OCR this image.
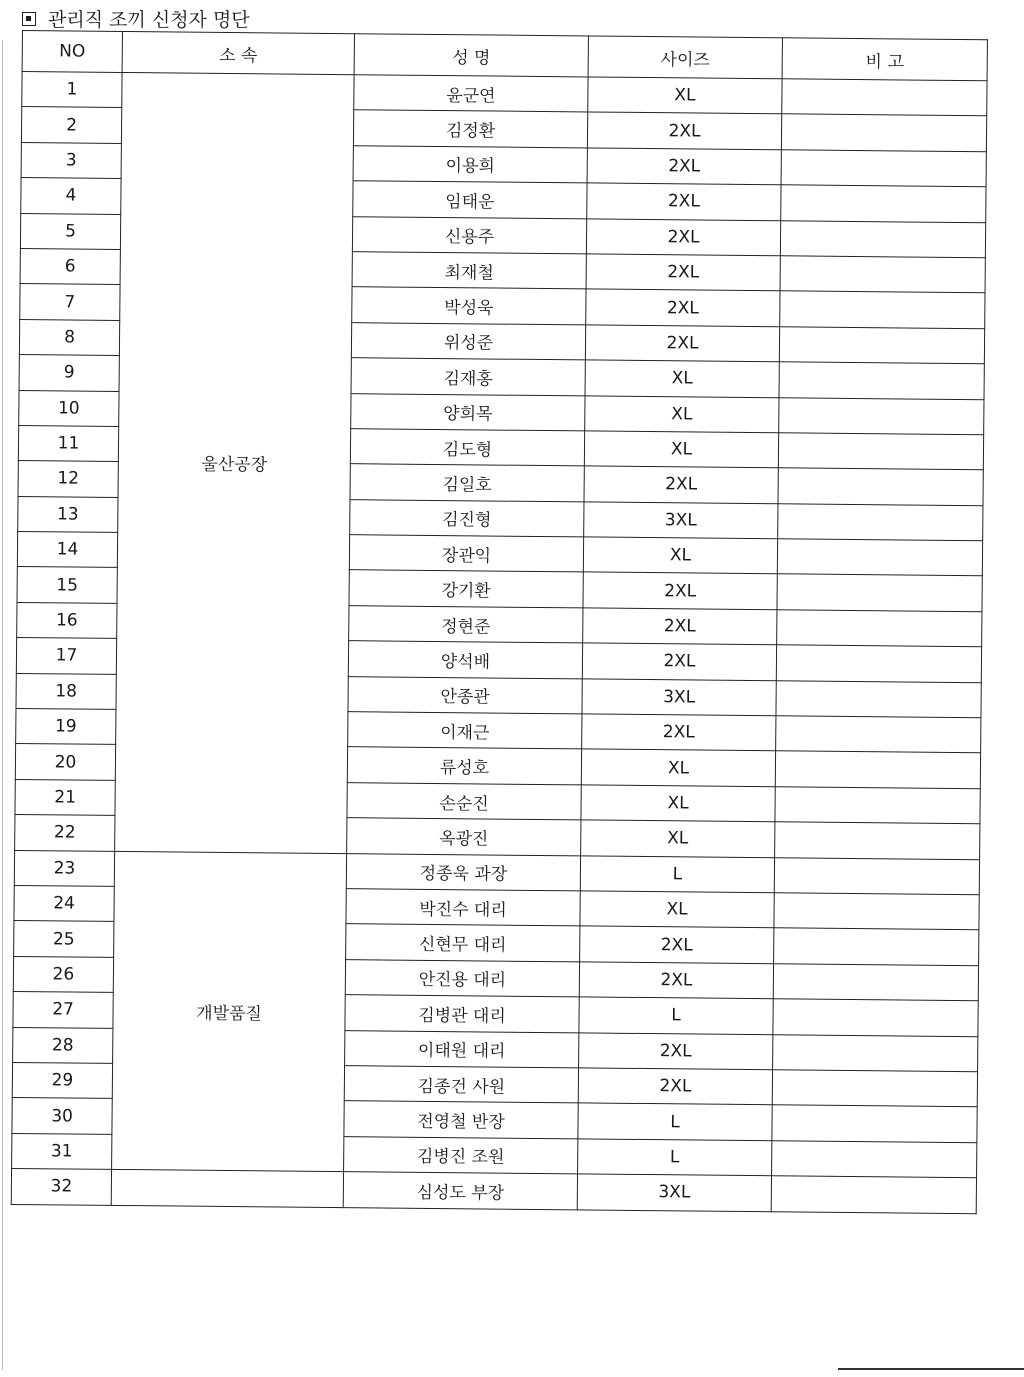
관리직 조끼 신청자 명단
NO	소 속	성 명	사이즈	비 고
1	울산공장	윤군연	XL	
2		김정환	2XL	
3		이용희	2XL	
4		임태운	2XL	
5		신용주	2XL	
6		최재철	2XL	
7		박성욱	2XL	
8		위성준	2XL	
9		김재홍	XL	
10		양희목	XL	
11		김도형	XL	
12		김일호	2XL	
13		김진형	3XL	
14		장관익	XL	
15		강기환	2XL	
16		정현준	2XL	
17		양석배	2XL	
18		안종관	3XL	
19		이재근	2XL	
20		류성호	XL	
21		손순진	XL	
22		옥광진	XL	
23	개발품질	정종욱 과장	L	
24		박진수 대리	XL	
25		신현무 대리	2XL	
26		안진용 대리	2XL	
27		김병관 대리	L	
28		이태원 대리	2XL	
29		김종건 사원	2XL	
30		전영철 반장	L	
31		김병진 조원	L	
32		심성도 부장	3XL	
